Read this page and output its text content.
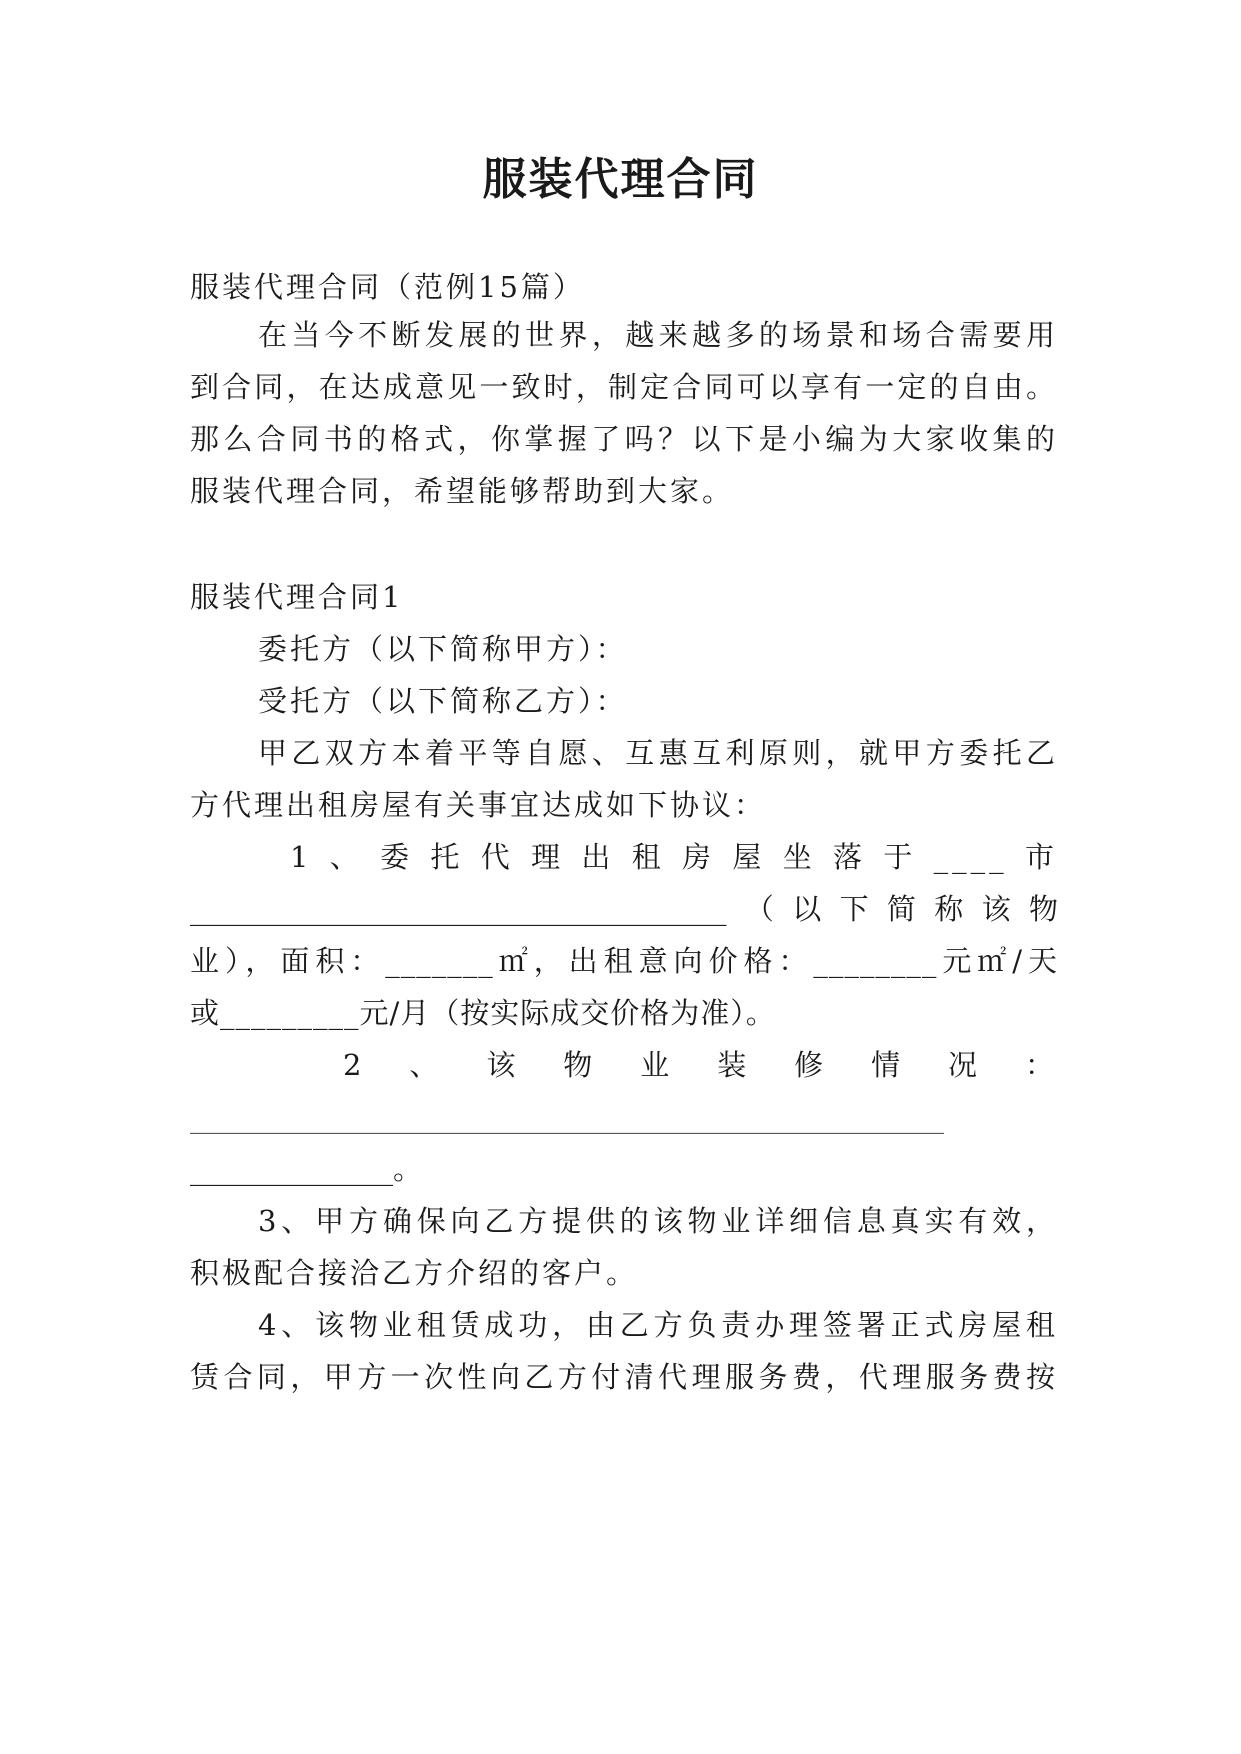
服装代理合同
服装代理合同（范例15篇）
在当今不断发展的世界，越来越多的场景和场合需要用
到合同，在达成意见一致时，制定合同可以享有一定的自由。
那么合同书的格式，你掌握了吗？以下是小编为大家收集的
服装代理合同，希望能够帮助到大家。
服装代理合同1
委托方（以下简称甲方）：
受托方（以下简称乙方）：
甲乙双方本着平等自愿、互惠互利原则，就甲方委托乙
方代理出租房屋有关事宜达成如下协议：
1、委托代理出租房屋坐落于____市
_____________________________________（以下简称该物
业），面积：_______㎡，出租意向价格：________元㎡/天
或_________元/月（按实际成交价格为准）。
2、该物业装修情况：
____________________________________________________
______________。
3、甲方确保向乙方提供的该物业详细信息真实有效，
积极配合接洽乙方介绍的客户。
4、该物业租赁成功，由乙方负责办理签署正式房屋租
赁合同，甲方一次性向乙方付清代理服务费，代理服务费按
